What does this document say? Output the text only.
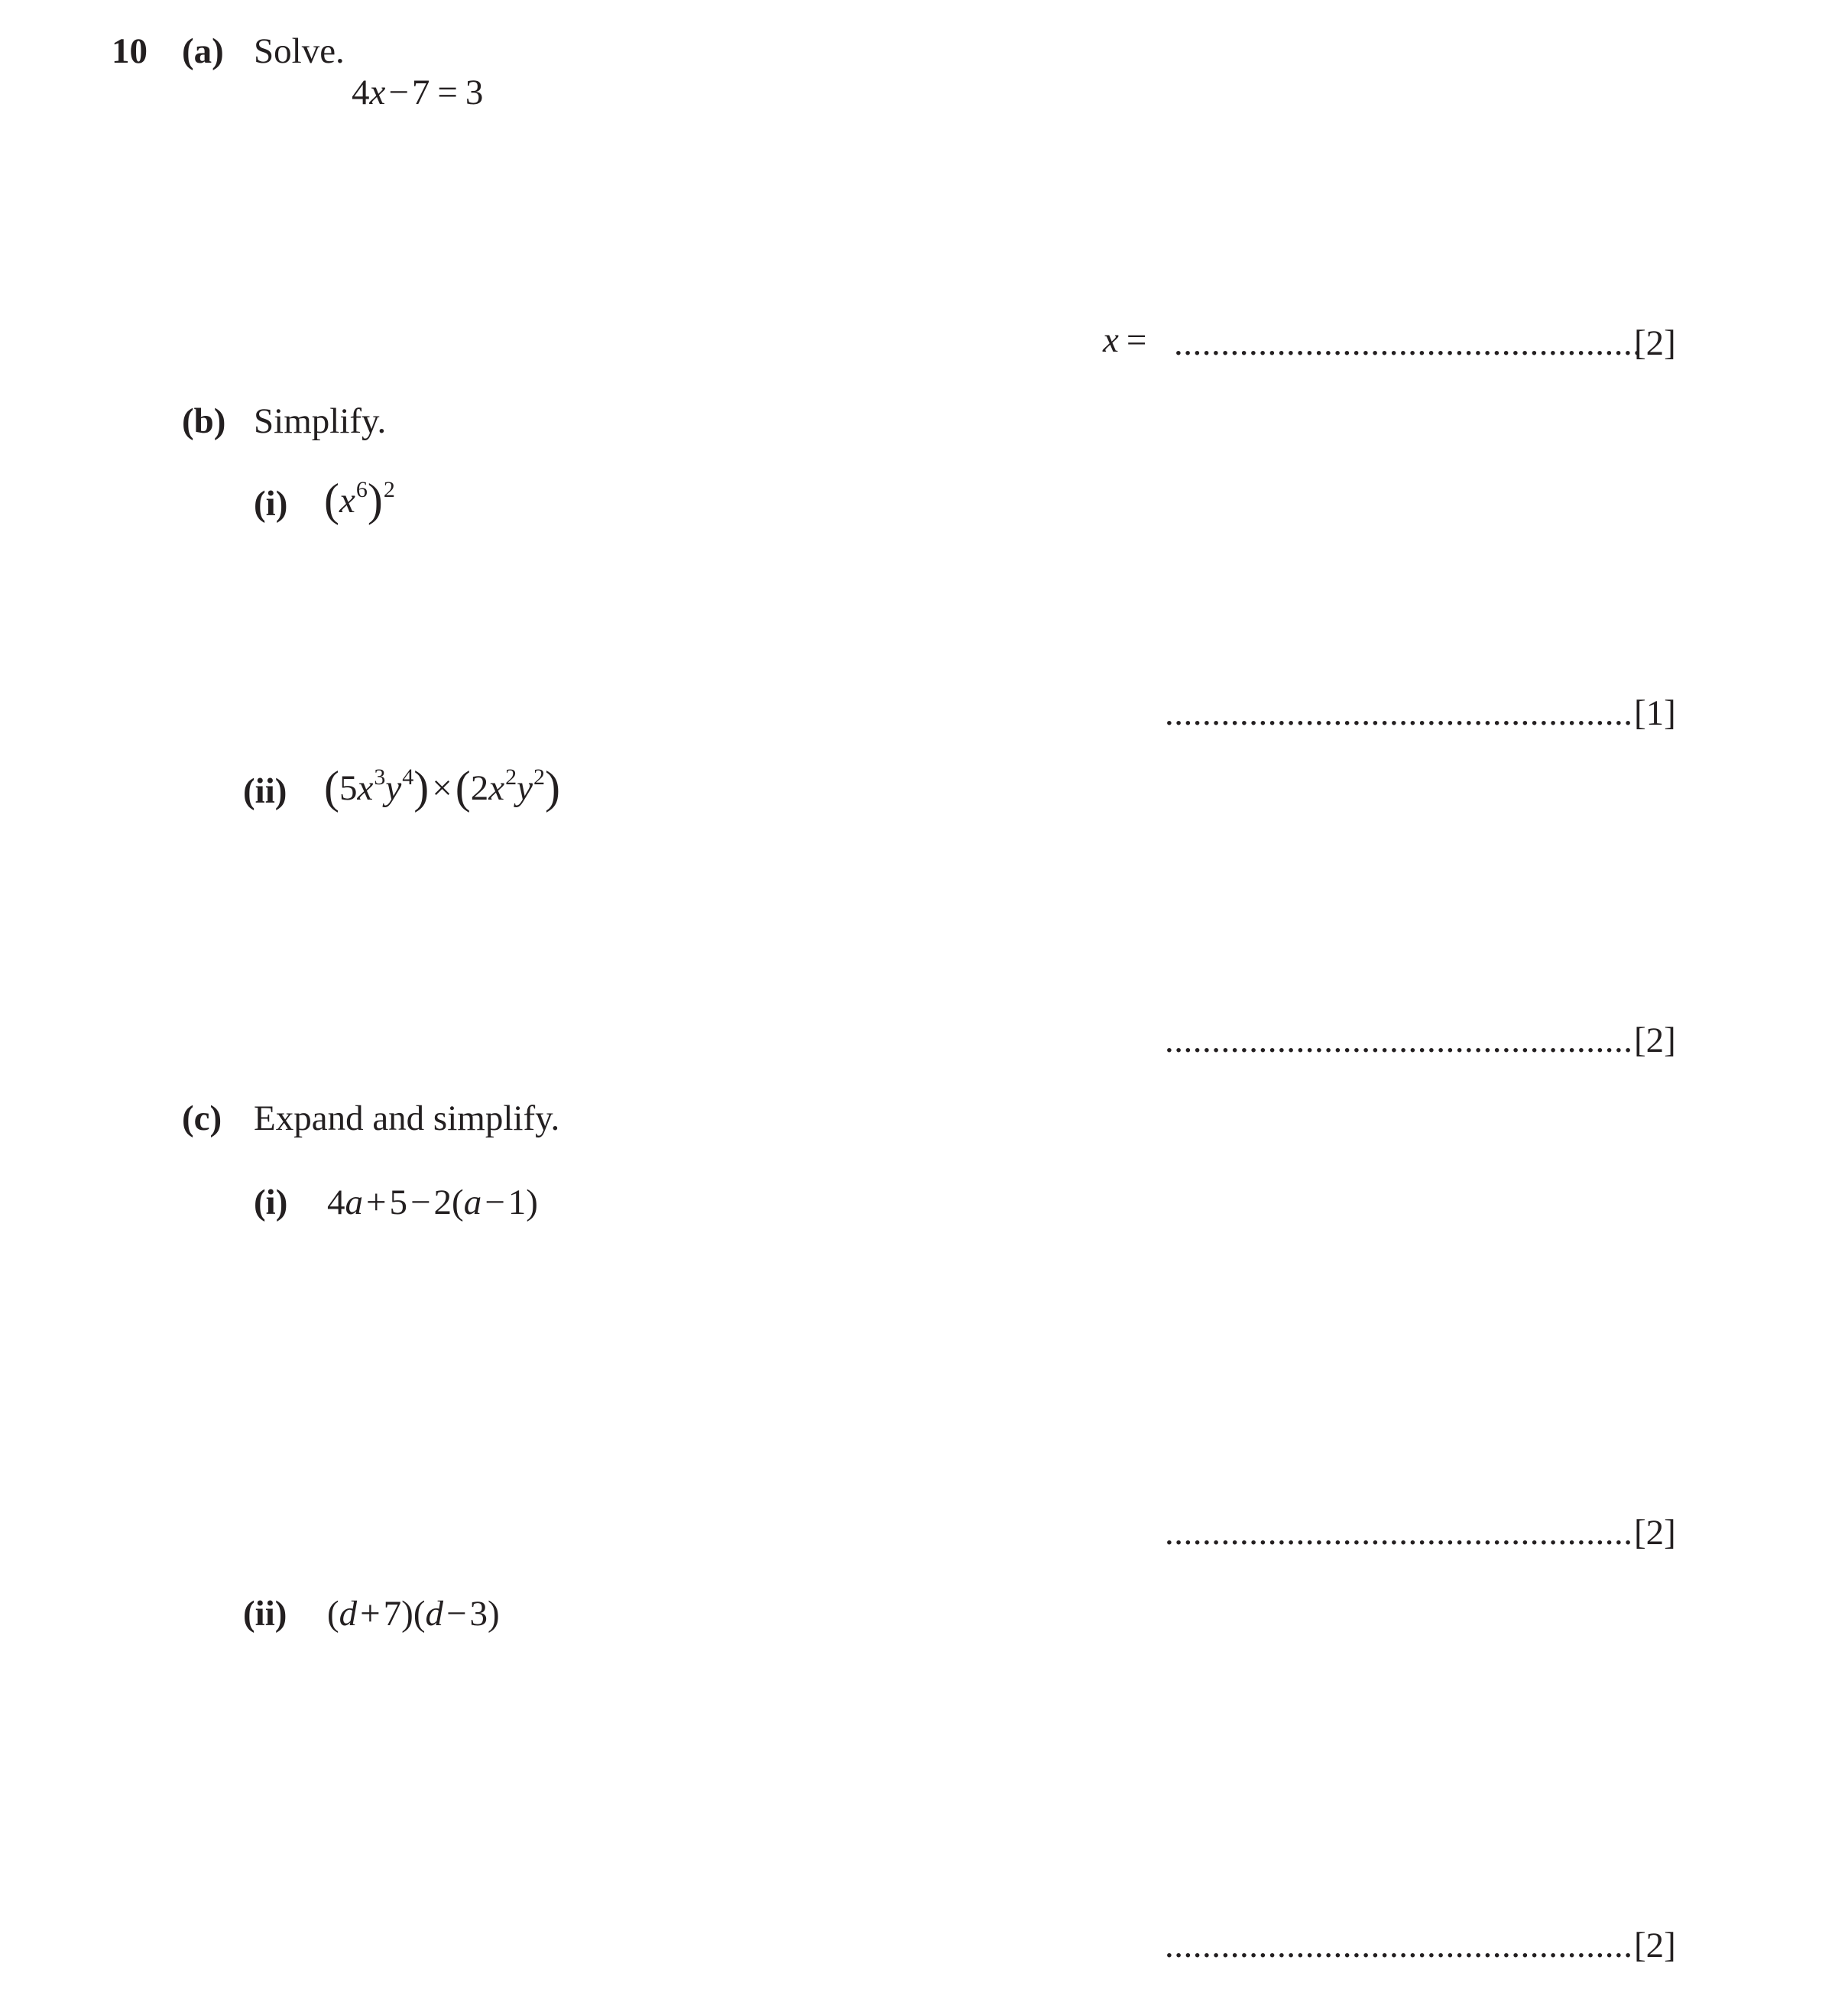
10 (a) Solve.
4x−7 = 3
x = ..................................................
[2]
(b) Simplify.
(i) $(x^6)^2$
.................................................. [1]
(ii) $(5x^3y^4)\times(2x^2y^2)$
.................................................. [2]
(c) Expand and simplify.
(i) 4a+5−2(a−1)
.................................................. [2]
(ii) (d+7)(d−3)
.................................................. [2]
